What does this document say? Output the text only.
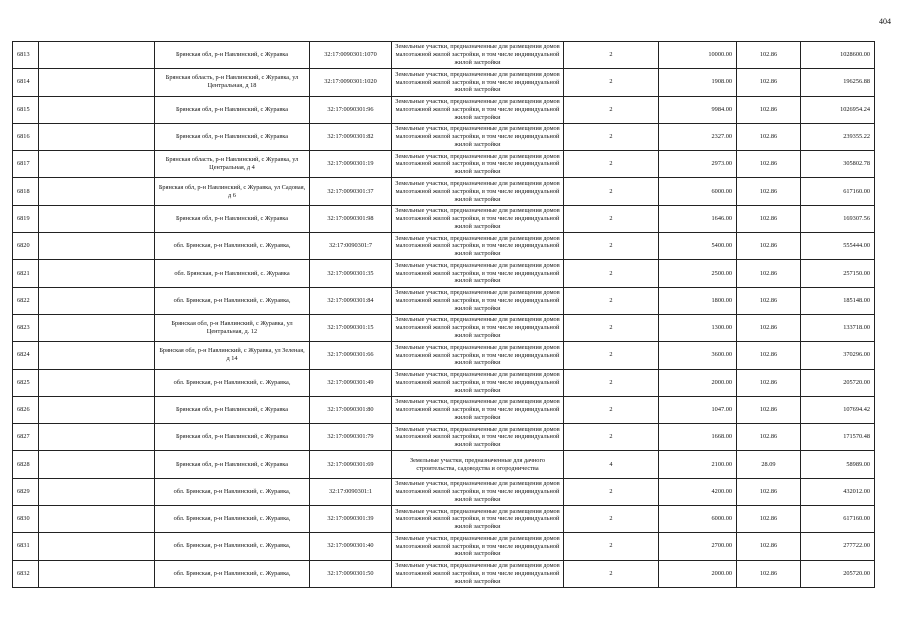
404
6813		Брянская обл, р-н Навлинский, с Журавка	32:17:0090301:1070	Земельные участки, предназначенные для размещения домов малоэтажной жилой застройки, в том числе индивидуальной жилой застройки	2	10000.00	102.86	1028600.00
6814		Брянская область, р-н Навлинский, с Журавка, ул Центральная, д 18	32:17:0090301:1020	Земельные участки, предназначенные для размещения домов малоэтажной жилой застройки, в том числе индивидуальной жилой застройки	2	1908.00	102.86	196256.88
6815		Брянская обл, р-н Навлинский, с Журавка	32:17:0090301:96	Земельные участки, предназначенные для размещения домов малоэтажной жилой застройки, в том числе индивидуальной жилой застройки	2	9984.00	102.86	1026954.24
6816		Брянская обл, р-н Навлинский, с Журавка	32:17:0090301:82	Земельные участки, предназначенные для размещения домов малоэтажной жилой застройки, в том числе индивидуальной жилой застройки	2	2327.00	102.86	239355.22
6817		Брянская область, р-н Навлинский, с Журавка, ул Центральная, д 4	32:17:0090301:19	Земельные участки, предназначенные для размещения домов малоэтажной жилой застройки, в том числе индивидуальной жилой застройки	2	2973.00	102.86	305802.78
6818		Брянская обл, р-н Навлинский, с Журавка, ул Садовая, д 6	32:17:0090301:37	Земельные участки, предназначенные для размещения домов малоэтажной жилой застройки, в том числе индивидуальной жилой застройки	2	6000.00	102.86	617160.00
6819		Брянская обл, р-н Навлинский, с Журавка	32:17:0090301:98	Земельные участки, предназначенные для размещения домов малоэтажной жилой застройки, в том числе индивидуальной жилой застройки	2	1646.00	102.86	169307.56
6820		обл. Брянская, р-н Навлинский, с. Журавка,	32:17:0090301:7	Земельные участки, предназначенные для размещения домов малоэтажной жилой застройки, в том числе индивидуальной жилой застройки	2	5400.00	102.86	555444.00
6821		обл. Брянская, р-н Навлинский, с. Журавка	32:17:0090301:35	Земельные участки, предназначенные для размещения домов малоэтажной жилой застройки, в том числе индивидуальной жилой застройки	2	2500.00	102.86	257150.00
6822		обл. Брянская, р-н Навлинский, с. Журавка,	32:17:0090301:84	Земельные участки, предназначенные для размещения домов малоэтажной жилой застройки, в том числе индивидуальной жилой застройки	2	1800.00	102.86	185148.00
6823		Брянская обл, р-н Навлинский, с Журавка, ул Центральная, д. 12	32:17:0090301:15	Земельные участки, предназначенные для размещения домов малоэтажной жилой застройки, в том числе индивидуальной жилой застройки	2	1300.00	102.86	133718.00
6824		Брянская обл, р-н Навлинский, с Журавка, ул Зеленая, д 14	32:17:0090301:66	Земельные участки, предназначенные для размещения домов малоэтажной жилой застройки, в том числе индивидуальной жилой застройки	2	3600.00	102.86	370296.00
6825		обл. Брянская, р-н Навлинский, с. Журавка,	32:17:0090301:49	Земельные участки, предназначенные для размещения домов малоэтажной жилой застройки, в том числе индивидуальной жилой застройки	2	2000.00	102.86	205720.00
6826		Брянская обл, р-н Навлинский, с Журавка	32:17:0090301:80	Земельные участки, предназначенные для размещения домов малоэтажной жилой застройки, в том числе индивидуальной жилой застройки	2	1047.00	102.86	107694.42
6827		Брянская обл, р-н Навлинский, с Журавка	32:17:0090301:79	Земельные участки, предназначенные для размещения домов малоэтажной жилой застройки, в том числе индивидуальной жилой застройки	2	1668.00	102.86	171570.48
6828		Брянская обл, р-н Навлинский, с Журавка	32:17:0090301:69	Земельные участки, предназначенные для дачного строительства, садоводства и огородничества	4	2100.00	28.09	58989.00
6829		обл. Брянская, р-н Навлинский, с. Журавка,	32:17:0090301:1	Земельные участки, предназначенные для размещения домов малоэтажной жилой застройки, в том числе индивидуальной жилой застройки	2	4200.00	102.86	432012.00
6830		обл. Брянская, р-н Навлинский, с. Журавка,	32:17:0090301:39	Земельные участки, предназначенные для размещения домов малоэтажной жилой застройки, в том числе индивидуальной жилой застройки	2	6000.00	102.86	617160.00
6831		обл. Брянская, р-н Навлинский, с. Журавка,	32:17:0090301:40	Земельные участки, предназначенные для размещения домов малоэтажной жилой застройки, в том числе индивидуальной жилой застройки	2	2700.00	102.86	277722.00
6832		обл. Брянская, р-н Навлинский, с. Журавка,	32:17:0090301:50	Земельные участки, предназначенные для размещения домов малоэтажной жилой застройки, в том числе индивидуальной жилой застройки	2	2000.00	102.86	205720.00
